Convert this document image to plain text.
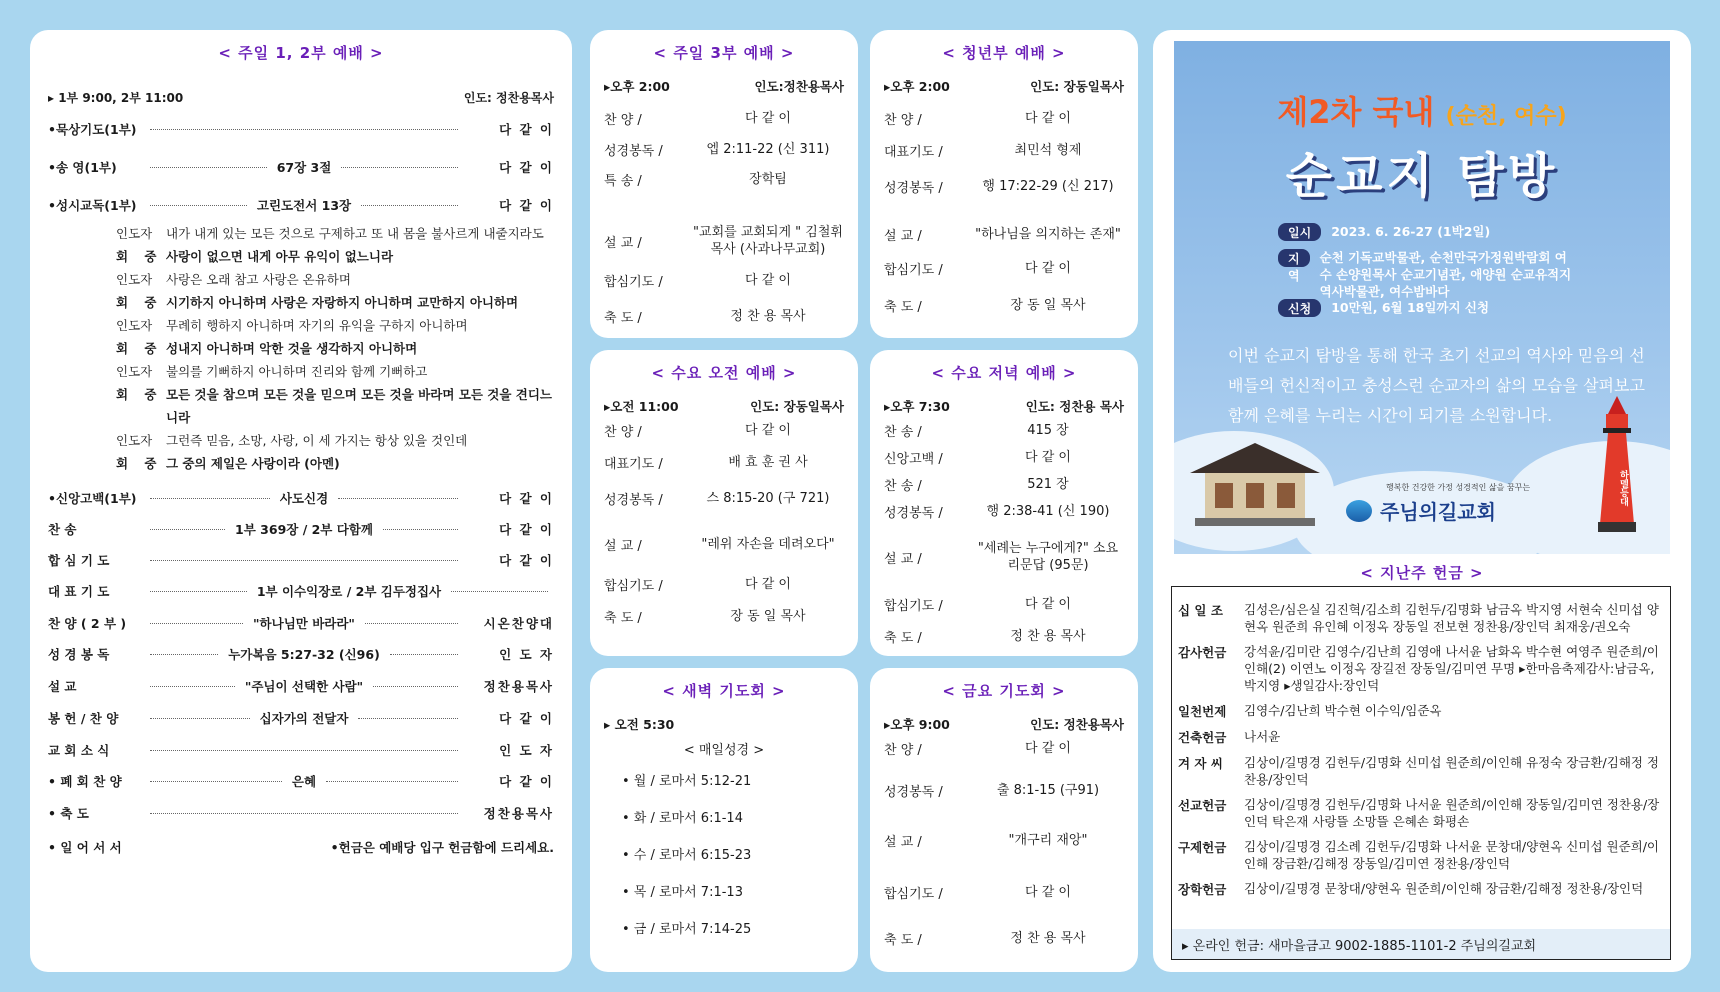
< 주일 1, 2부 예배 >
▸ 1부 9:00, 2부 11:00	인도: 정찬용목사
•묵상기도(1부)	다 같 이
•송 영(1부)	67장 3절	다 같 이
•성시교독(1부)	고린도전서 13장	다 같 이
인도자	내가 내게 있는 모든 것으로 구제하고 또 내 몸을 불사르게 내줄지라도
회 중 사랑이 없으면 내게 아무 유익이 없느니라
인도자	사랑은 오래 참고 사랑은 온유하며
회 중 시기하지 아니하며 사랑은 자랑하지 아니하며 교만하지 아니하며
인도자	무례히 행하지 아니하며 자기의 유익을 구하지 아니하며
회 중 성내지 아니하며 악한 것을 생각하지 아니하며
인도자	불의를 기뻐하지 아니하며 진리와 함께 기뻐하고
회 중 모든 것을 참으며 모든 것을 믿으며 모든 것을 바라며 모든 것을 견디느니라
인도자	그런즉 믿음, 소망, 사랑, 이 세 가지는 항상 있을 것인데
회 중 그 중의 제일은 사랑이라 (아멘)
•신앙고백(1부)	사도신경	다 같 이
찬 송	1부 369장 / 2부 다함께	다 같 이
합 심 기 도	다 같 이
대 표 기 도	1부 이수익장로 / 2부 김두정집사
찬 양 ( 2 부 )	"하나님만 바라라"	시온찬양대
성 경 봉 독	누가복음 5:27-32 (신96)	인 도 자
설 교	"주님이 선택한 사람"	정찬용목사
봉 헌 / 찬 양	십자가의 전달자	다 같 이
교 회 소 식	인 도 자
• 폐 회 찬 양	은혜	다 같 이
• 축 도	정찬용목사
• 일 어 서 서	•헌금은 예배당 입구 헌금함에 드리세요.
< 주일 3부 예배 >
▸오후 2:00	인도:정찬용목사
찬 양 /	다 같 이
성경봉독 /	엡 2:11-22 (신 311)
특 송 /	장학팀
설 교 /
"교회를 교회되게 " 김철휘 목사 (사과나무교회)
합심기도 /	다 같 이
축 도 /	정 찬 용 목사
< 청년부 예배 >
▸오후 2:00	인도: 장동일목사
찬 양 /	다 같 이
대표기도 /	최민석 형제
성경봉독 /	행 17:22-29 (신 217)
설 교 /	"하나님을 의지하는 존재"
합심기도 /	다 같 이
축 도 /	장 동 일 목사
< 수요 오전 예배 >
▸오전 11:00	인도: 장동일목사
찬 양 /	다 같 이
대표기도 /	배 효 훈 권 사
성경봉독 /	스 8:15-20 (구 721)
설 교 /	"레위 자손을 데려오다"
합심기도 /	다 같 이
축 도 /	장 동 일 목사
< 수요 저녁 예배 >
▸오후 7:30	인도: 정찬용 목사
찬 송 /	415 장
신앙고백 /	다 같 이
찬 송 /	521 장
성경봉독 /	행 2:38-41 (신 190)
설 교 /
"세례는 누구에게?" 소요리문답 (95문)
합심기도 /	다 같 이
축 도 /	정 찬 용 목사
< 새벽 기도회 >
▸ 오전 5:30
< 매일성경 >
• 월 / 로마서 5:12-21
• 화 / 로마서 6:1-14
• 수 / 로마서 6:15-23
• 목 / 로마서 7:1-13
• 금 / 로마서 7:14-25
< 금요 기도회 >
▸오후 9:00	인도: 정찬용목사
찬 양 /	다 같 이
성경봉독 /	출 8:1-15 (구91)
설 교 /	"개구리 재앙"
합심기도 /	다 같 이
축 도 /	정 찬 용 목사
제2차 국내 (순천, 여수)
순교지 탐방
일시	2023. 6. 26-27 (1박2일)
지역
순천 기독교박물관, 순천만국가정원박람회 여수 손양원목사 순교기념관, 애양원 순교유적지 역사박물관, 여수밤바다
신청	10만원, 6월 18일까지 신청
이번 순교지 탐방을 통해 한국 초기 선교의 역사와 믿음의 선배들의 헌신적이고 충성스런 순교자의 삶의 모습을 살펴보고 함께 은혜를 누리는 시간이 되기를 소원합니다.
행복한 건강한 가정 성경적인 삶을 꿈꾸는
주님의길교회
하멜등대
< 지난주 헌금 >
십 일 조	김성은/심은실 김진혁/김소희 김헌두/김명화 남금옥 박지영 서현숙 신미섭 양현옥 원준희 유인혜 이정옥 장동일 전보현 정찬용/장인덕 최재웅/권오숙
감사헌금	강석윤/김미란 김영수/김난희 김영애 나서윤 남화옥 박수현 여영주 원준희/이인해(2) 이연노 이정옥 장길전 장동일/김미연 무명 ▸한마음축제감사:남금옥, 박지영 ▸생일감사:장인덕
일천번제	김영수/김난희 박수현 이수익/임준옥
건축헌금	나서윤
겨 자 씨	김상이/길명경 김헌두/김명화 신미섭 원준희/이인해 유정숙 장금환/김해정 정찬용/장인덕
선교헌금	김상이/길명경 김헌두/김명화 나서윤 원준희/이인해 장동일/김미연 정찬용/장인덕 탁은재 사랑뜰 소망뜰 은혜손 화평손
구제헌금	김상이/길명경 김소례 김헌두/김명화 나서윤 문창대/양현옥 신미섭 원준희/이인해 장금환/김해정 장동일/김미연 정찬용/장인덕
장학헌금	김상이/길명경 문창대/양현옥 원준희/이인해 장금환/김해정 정찬용/장인덕
▸ 온라인 헌금: 새마을금고 9002-1885-1101-2 주님의길교회
